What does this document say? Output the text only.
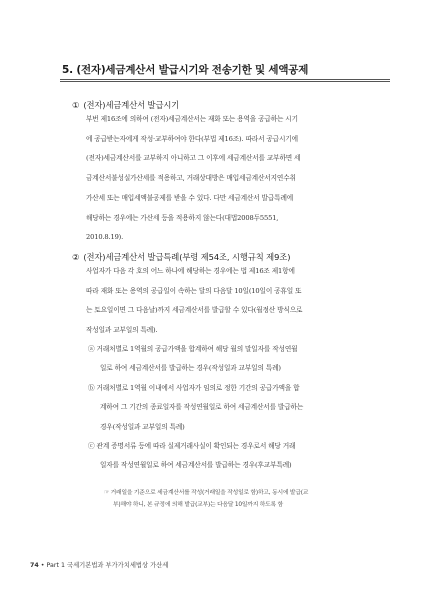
5. (전자)세금계산서 발급시기와 전송기한 및 세액공제
① (전자)세금계산서 발급시기
부번 제16조에 의하여 (전자)세금계산서는 재화 또는 용역을 공급하는 시기
에 공급받는자에게 작성·교부하여야 한다(부법 제16조). 따라서 공급시기에
(전자)세금계산서를 교부하지 아니하고 그 이후에 세금계산서를 교부하면 세
금계산서불성실가산세를 적용하고, 거래상대방은 매입세금계산서지연수취
가산세 또는 매입세액불공제를 받을 수 있다. 다만 세금계산서 발급특례에
해당하는 경우에는 가산세 등을 적용하지 않는다(대법2008두5551,
2010.8.19).
② (전자)세금계산서 발급특례(부령 제54조, 시행규칙 제9조)
사업자가 다음 각 호의 어느 하나에 해당하는 경우에는 법 제16조 제1항에
따라 재화 또는 용역의 공급일이 속하는 달의 다음달 10일(10일이 공휴일 또
는 토요일이면 그 다음날)까지 세금계산서를 발급할 수 있다(월정산 방식으로
작성일과 교부일의 특례).
ⓐ 거래처별로 1역월의 공급가액을 합계하여 해당 월의 말일자를 작성연월
일로 하여 세금계산서를 발급하는 경우(작성일과 교부일의 특례)
ⓑ 거래처별로 1역월 이내에서 사업자가 임의로 정한 기간의 공급가액을 합
계하여 그 기간의 종료일자를 작성연월일로 하여 세금계산서를 발급하는
경우(작성일과 교부일의 특례)
ⓒ 관계 증명서류 등에 따라 실제거래사실이 확인되는 경우로서 해당 거래
일자를 작성연월일로 하여 세금계산서를 발급하는 경우(후교부특례)
☞ 거래일을 기준으로 세금계산서를 작성(거래일을 작성일로 함)하고, 동시에 발급(교
부)해야 하니, 본 규정에 의해 발급(교부)는 다음달 10일까지 하도록 함
74 • Part 1 국세기본법과 부가가치세법상 가산세
